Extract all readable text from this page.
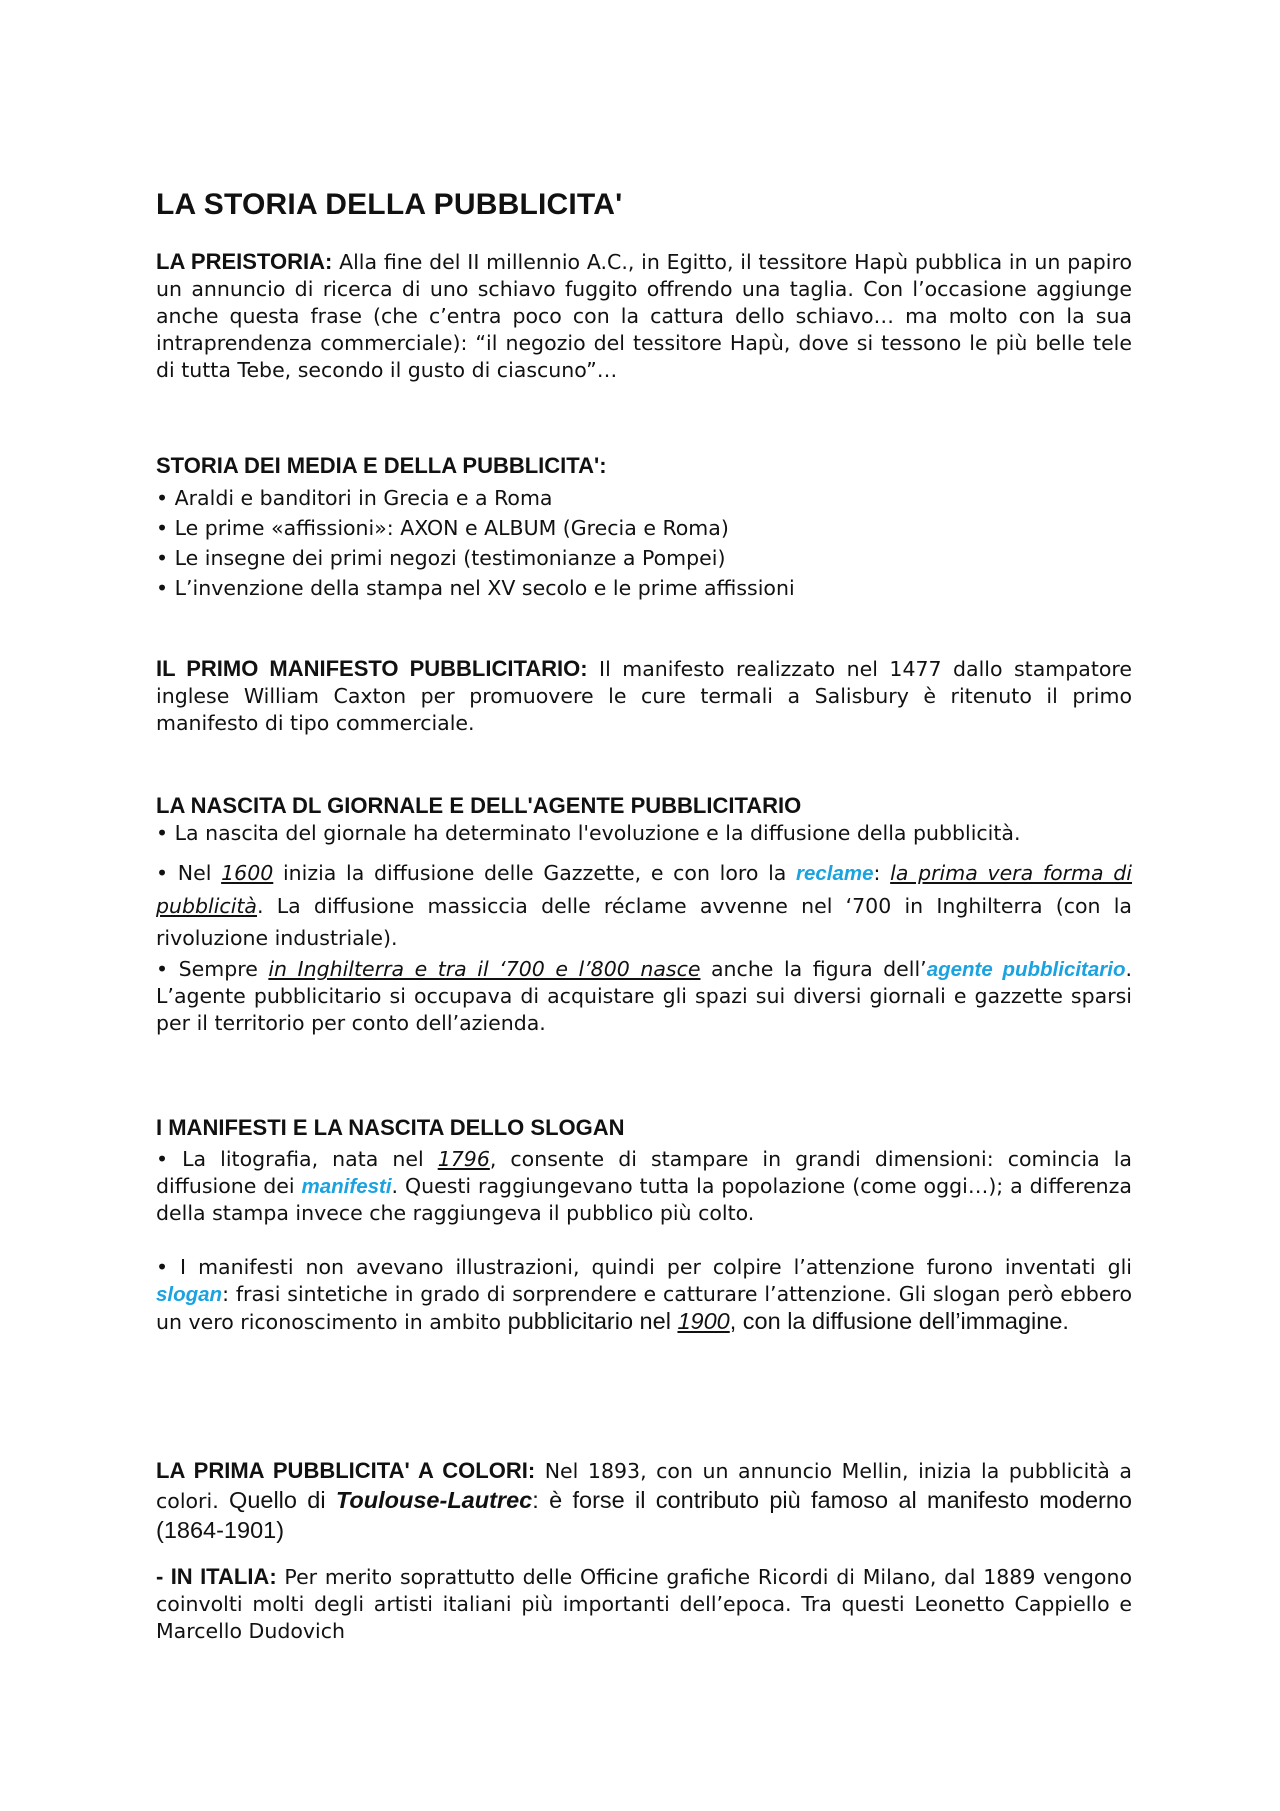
LA STORIA DELLA PUBBLICITA'
LA PREISTORIA: Alla fine del II millennio A.C., in Egitto, il tessitore Hapù pubblica in un papiro un annuncio di ricerca di uno schiavo fuggito offrendo una taglia. Con l’occasione aggiunge anche questa frase (che c’entra poco con la cattura dello schiavo… ma molto con la sua intraprendenza commerciale): “il negozio del tessitore Hapù, dove si tessono le più belle tele di tutta Tebe, secondo il gusto di ciascuno”…
STORIA DEI MEDIA E DELLA PUBBLICITA':
• Araldi e banditori in Grecia e a Roma
• Le prime «affissioni»: AXON e ALBUM (Grecia e Roma)
• Le insegne dei primi negozi (testimonianze a Pompei)
• L’invenzione della stampa nel XV secolo e le prime affissioni
IL PRIMO MANIFESTO PUBBLICITARIO: Il manifesto realizzato nel 1477 dallo stampatore inglese William Caxton per promuovere le cure termali a Salisbury è ritenuto il primo manifesto di tipo commerciale.
LA NASCITA DL GIORNALE E DELL'AGENTE PUBBLICITARIO
• La nascita del giornale ha determinato l'evoluzione e la diffusione della pubblicità.
• Nel 1600 inizia la diffusione delle Gazzette, e con loro la reclame: la prima vera forma di pubblicità. La diffusione massiccia delle réclame avvenne nel ‘700 in Inghilterra (con la rivoluzione industriale).
• Sempre in Inghilterra e tra il ‘700 e l’800 nasce anche la figura dell’agente pubblicitario. L’agente pubblicitario si occupava di acquistare gli spazi sui diversi giornali e gazzette sparsi per il territorio per conto dell’azienda.
I MANIFESTI E LA NASCITA DELLO SLOGAN
• La litografia, nata nel 1796, consente di stampare in grandi dimensioni: comincia la diffusione dei manifesti. Questi raggiungevano tutta la popolazione (come oggi…); a differenza della stampa invece che raggiungeva il pubblico più colto.
• I manifesti non avevano illustrazioni, quindi per colpire l’attenzione furono inventati gli slogan: frasi sintetiche in grado di sorprendere e catturare l’attenzione. Gli slogan però ebbero un vero riconoscimento in ambito pubblicitario nel 1900, con la diffusione dell’immagine.
LA PRIMA PUBBLICITA' A COLORI: Nel 1893, con un annuncio Mellin, inizia la pubblicità a colori. Quello di Toulouse-Lautrec: è forse il contributo più famoso al manifesto moderno (1864-1901)
- IN ITALIA: Per merito soprattutto delle Officine grafiche Ricordi di Milano, dal 1889 vengono coinvolti molti degli artisti italiani più importanti dell’epoca. Tra questi Leonetto Cappiello e Marcello Dudovich
